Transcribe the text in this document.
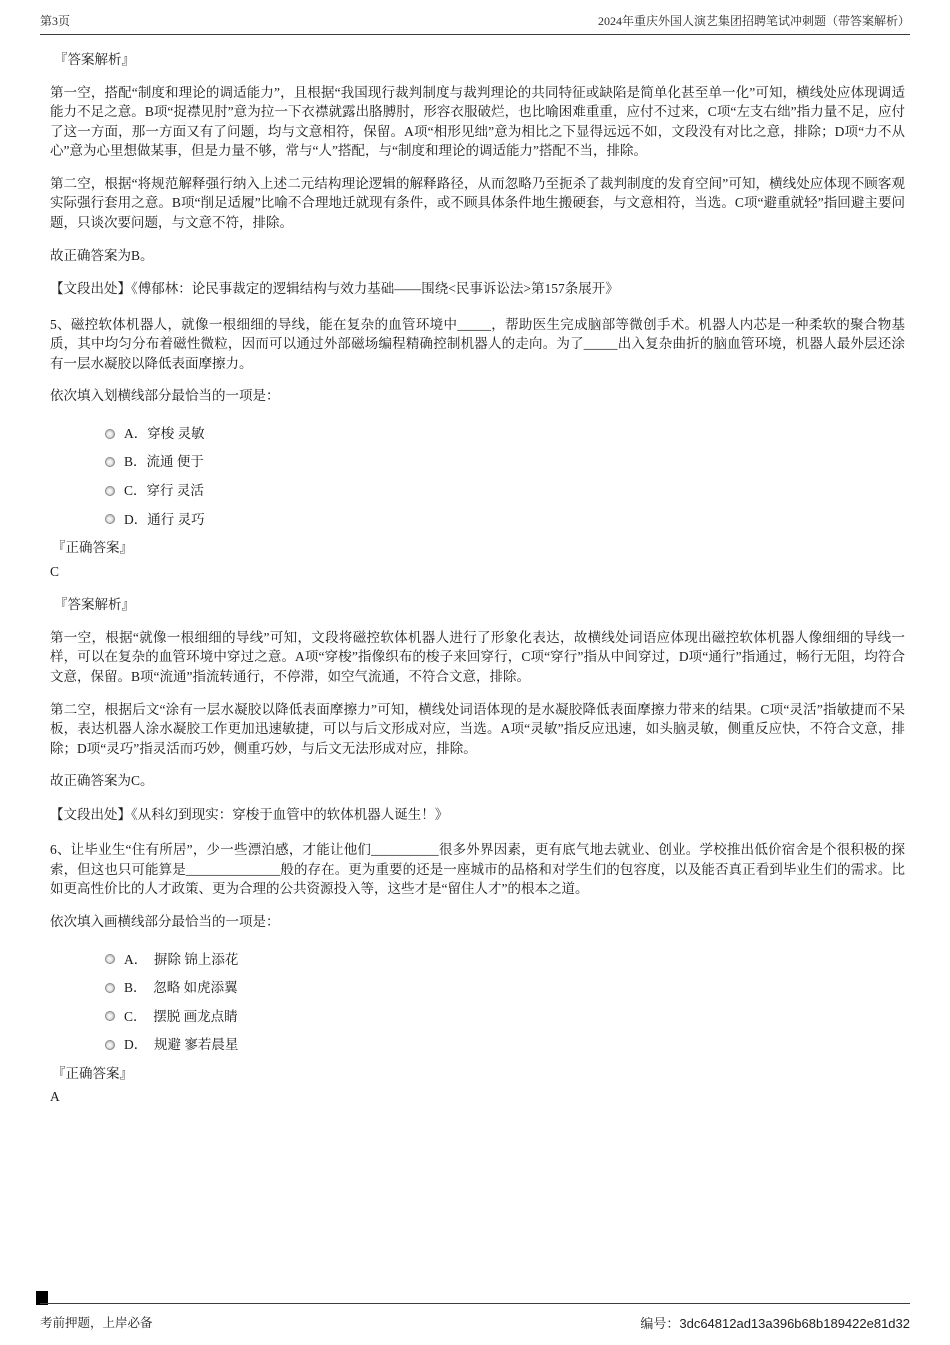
第3页	2024年重庆外国人演艺集团招聘笔试冲刺题（带答案解析）
『答案解析』

第一空，搭配“制度和理论的调适能力”，且根据“我国现行裁判制度与裁判理论的共同特征或缺陷是简单化甚至单一化”可知，横线处应体现调适能力不足之意。B项“捉襟见肘”意为拉一下衣襟就露出胳膊肘，形容衣服破烂，也比喻困难重重，应付不过来，C项“左支右绌”指力量不足，应付了这一方面，那一方面又有了问题，均与文意相符，保留。A项“相形见绌”意为相比之下显得远远不如，文段没有对比之意，排除；D项“力不从心”意为心里想做某事，但是力量不够，常与“人”搭配，与“制度和理论的调适能力”搭配不当，排除。

第二空，根据“将规范解释强行纳入上述二元结构理论逻辑的解释路径，从而忽略乃至扼杀了裁判制度的发育空间”可知，横线处应体现不顾客观实际强行套用之意。B项“削足适履”比喻不合理地迁就现有条件，或不顾具体条件地生搬硬套，与文意相符，当选。C项“避重就轻”指回避主要问题，只谈次要问题，与文意不符，排除。

故正确答案为B。

【文段出处】《傅郁林：论民事裁定的逻辑结构与效力基础——围绕<民事诉讼法>第157条展开》

5、磁控软体机器人，就像一根细细的导线，能在复杂的血管环境中_____，帮助医生完成脑部等微创手术。机器人内芯是一种柔软的聚合物基质，其中均匀分布着磁性微粒，因而可以通过外部磁场编程精确控制机器人的走向。为了_____出入复杂曲折的脑血管环境，机器人最外层还涂有一层水凝胶以降低表面摩擦力。

依次填入划横线部分最恰当的一项是：

A．穿梭 灵敏
B．流通 便于
C．穿行 灵活
D．通行 灵巧
『正确答案』
C
『答案解析』

第一空，根据“就像一根细细的导线”可知，文段将磁控软体机器人进行了形象化表达，故横线处词语应体现出磁控软体机器人像细细的导线一样，可以在复杂的血管环境中穿过之意。A项“穿梭”指像织布的梭子来回穿行，C项“穿行”指从中间穿过，D项“通行”指通过，畅行无阻，均符合文意，保留。B项“流通”指流转通行，不停滞，如空气流通，不符合文意，排除。

第二空，根据后文“涂有一层水凝胶以降低表面摩擦力”可知，横线处词语体现的是水凝胶降低表面摩擦力带来的结果。C项“灵活”指敏捷而不呆板，表达机器人涂水凝胶工作更加迅速敏捷，可以与后文形成对应，当选。A项“灵敏”指反应迅速，如头脑灵敏，侧重反应快，不符合文意，排除；D项“灵巧”指灵活而巧妙，侧重巧妙，与后文无法形成对应，排除。

故正确答案为C。

【文段出处】《从科幻到现实：穿梭于血管中的软体机器人诞生！》

6、让毕业生“住有所居”，少一些漂泊感，才能让他们__________很多外界因素，更有底气地去就业、创业。学校推出低价宿舍是个很积极的探索，但这也只可能算是______________般的存在。更为重要的还是一座城市的品格和对学生们的包容度，以及能否真正看到毕业生们的需求。比如更高性价比的人才政策、更为合理的公共资源投入等，这些才是“留住人才”的根本之道。

依次填入画横线部分最恰当的一项是：

A．  摒除 锦上添花
B．  忽略 如虎添翼
C．  摆脱 画龙点睛
D．  规避 寥若晨星
『正确答案』
A
考前押题，上岸必备	编号：3dc64812ad13a396b68b189422e81d32
